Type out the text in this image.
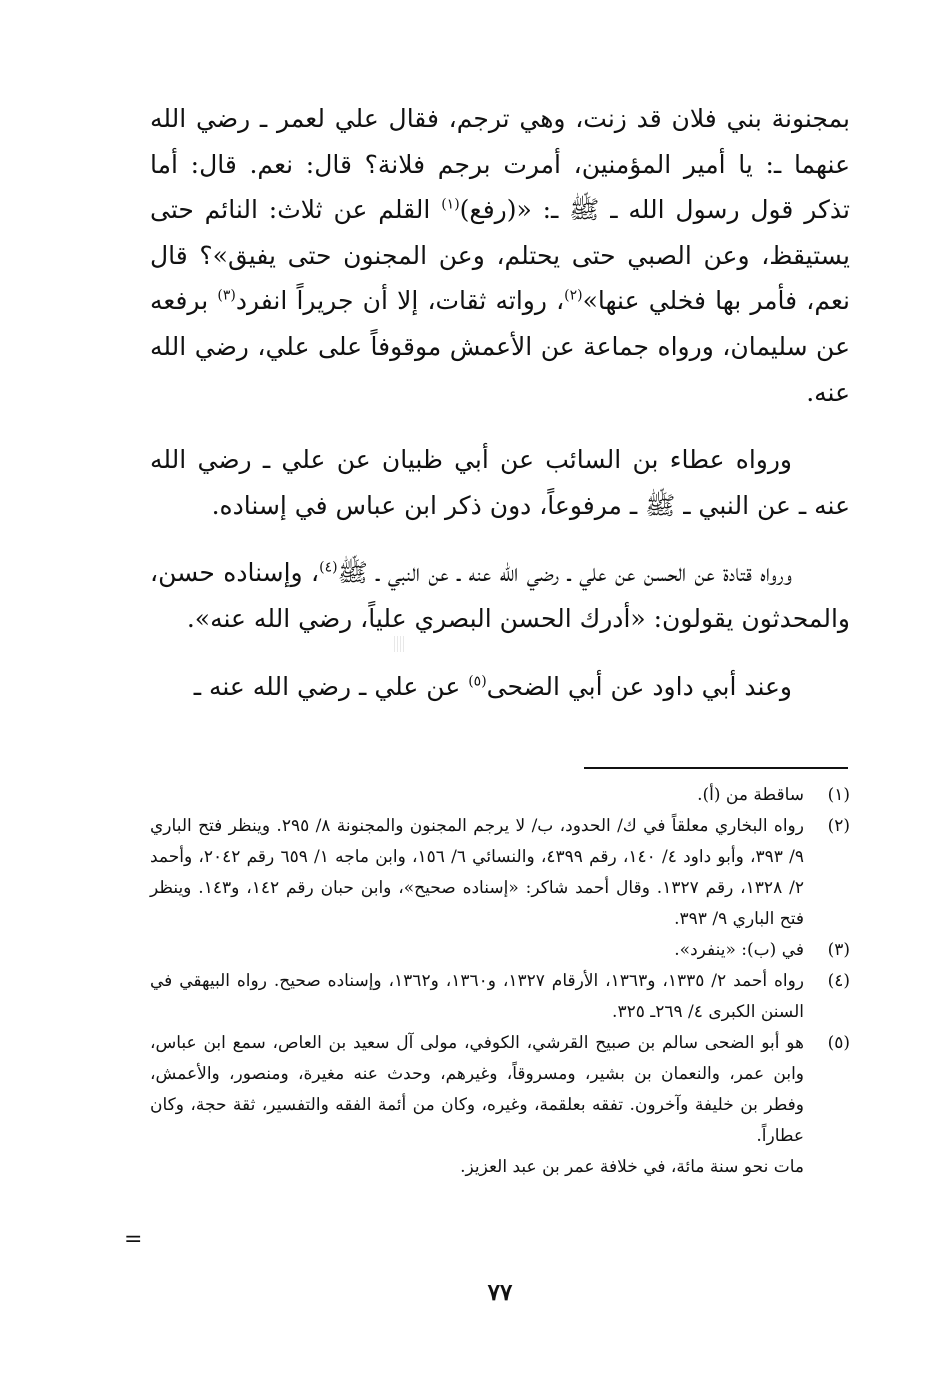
بمجنونة بني فلان قد زنت، وهي ترجم، فقال علي لعمر ـ رضي الله عنهما ـ: يا أمير المؤمنين، أمرت برجم فلانة؟ قال: نعم. قال: أما تذكر قول رسول الله ـ ﷺ ـ: «(رفع)$^{(١)}$ القلم عن ثلاث: النائم حتى يستيقظ، وعن الصبي حتى يحتلم، وعن المجنون حتى يفيق»؟ قال نعم، فأمر بها فخلي عنها»$^{(٢)}$، رواته ثقات، إلا أن جريراً انفرد$^{(٣)}$ برفعه عن سليمان، ورواه جماعة عن الأعمش موقوفاً على علي، رضي الله عنه.

ورواه عطاء بن السائب عن أبي ظبيان عن علي ـ رضي الله عنه ـ عن النبي ـ ﷺ ـ مرفوعاً، دون ذكر ابن عباس في إسناده.

ورواه قتادة عن الحسن عن علي ـ رضي الله عنه ـ عن النبي ـ ﷺ$^{(٤)}$، وإسناده حسن، والمحدثون يقولون: «أدرك الحسن البصري علياً، رضي الله عنه».

وعند أبي داود عن أبي الضحى$^{(٥)}$ عن علي ـ رضي الله عنه ـ

(١)
ساقطة من (أ).
(٢)
رواه البخاري معلقاً في ك/ الحدود، ب/ لا يرجم المجنون والمجنونة ٨/ ٢٩٥. وينظر فتح الباري ٩/ ٣٩٣، وأبو داود ٤/ ١٤٠، رقم ٤٣٩٩، والنسائي ٦/ ١٥٦، وابن ماجه ١/ ٦٥٩ رقم ٢٠٤٢، وأحمد ٢/ ١٣٢٨، رقم ١٣٢٧. وقال أحمد شاكر: «إسناده صحيح»، وابن حبان رقم ١٤٢، و١٤٣. وينظر فتح الباري ٩/ ٣٩٣.
(٣)
في (ب): «ينفرد».
(٤)
رواه أحمد ٢/ ١٣٣٥، و١٣٦٣، الأرقام ١٣٢٧، و١٣٦٠، و١٣٦٢، وإسناده صحيح. رواه البيهقي في السنن الكبرى ٤/ ٢٦٩ـ ٣٢٥.
(٥)
هو أبو الضحى سالم بن صبيح القرشي، الكوفي، مولى آل سعيد بن العاص، سمع ابن عباس، وابن عمر، والنعمان بن بشير، ومسروقاً، وغيرهم، وحدث عنه مغيرة، ومنصور، والأعمش، وفطر بن خليفة وآخرون. تفقه بعلقمة، وغيره، وكان من أئمة الفقه والتفسير، ثقة حجة، وكان عطاراً.
مات نحو سنة مائة، في خلافة عمر بن عبد العزيز.
=
٧٧
